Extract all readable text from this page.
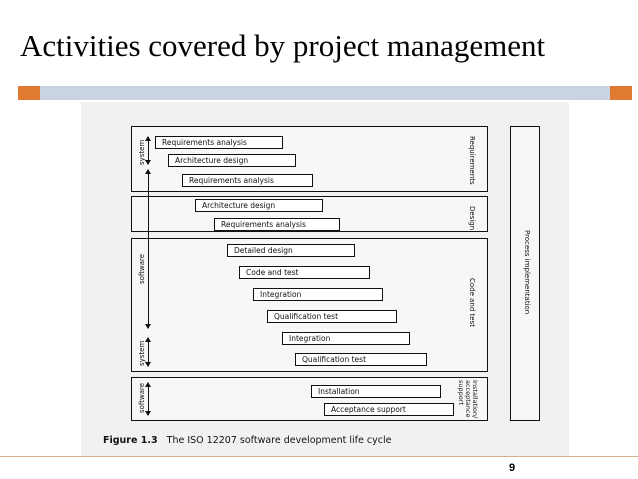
Activities covered by project management
Requirements
Design
Code and test
Installation/ acceptance support
Process implementation
system
software
system
software
Requirements analysis
Architecture design
Requirements analysis
Architecture design
Requirements analysis
Detailed design
Code and test
Integration
Qualification test
Integration
Qualification test
Installation
Acceptance support
Figure 1.3 The ISO 12207 software development life cycle
9
